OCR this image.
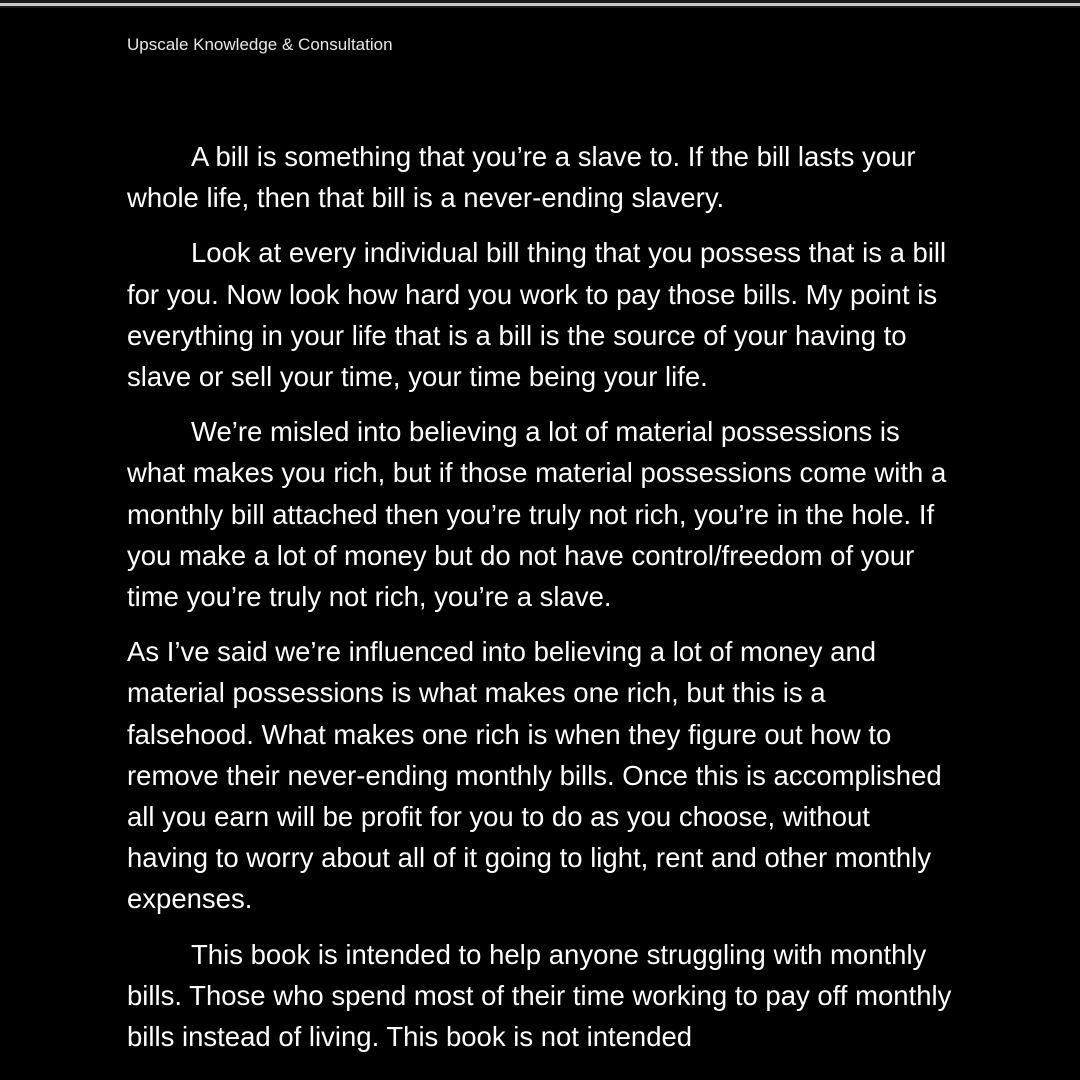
Upscale Knowledge & Consultation

A bill is something that you’re a slave to. If the bill lasts your whole life, then that bill is a never-ending slavery.

Look at every individual bill thing that you possess that is a bill for you. Now look how hard you work to pay those bills. My point is everything in your life that is a bill is the source of your having to slave or sell your time, your time being your life.

We’re misled into believing a lot of material possessions is what makes you rich, but if those material possessions come with a monthly bill attached then you’re truly not rich, you’re in the hole. If you make a lot of money but do not have control/freedom of your time you’re truly not rich, you’re a slave.

As I’ve said we’re influenced into believing a lot of money and material possessions is what makes one rich, but this is a falsehood. What makes one rich is when they figure out how to remove their never-ending monthly bills. Once this is accomplished all you earn will be profit for you to do as you choose, without having to worry about all of it going to light, rent and other monthly expenses.

This book is intended to help anyone struggling with monthly bills. Those who spend most of their time working to pay off monthly bills instead of living. This book is not intended
